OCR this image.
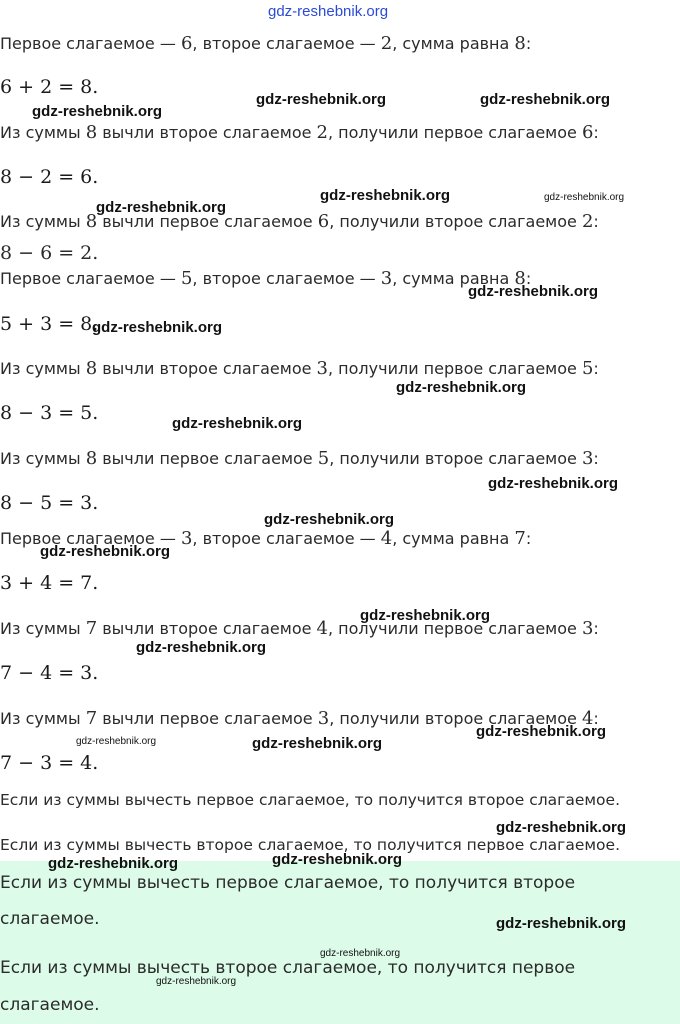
Первое слагаемое — 6, второе слагаемое — 2, сумма равна 8:
6 + 2 = 8.
Из суммы 8 вычли второе слагаемое 2, получили первое слагаемое 6:
8 − 2 = 6.
Из суммы 8 вычли первое слагаемое 6, получили второе слагаемое 2:
8 − 6 = 2.
Первое слагаемое — 5, второе слагаемое — 3, сумма равна 8:
5 + 3 = 8.
Из суммы 8 вычли второе слагаемое 3, получили первое слагаемое 5:
8 − 3 = 5.
Из суммы 8 вычли первое слагаемое 5, получили второе слагаемое 3:
8 − 5 = 3.
Первое слагаемое — 3, второе слагаемое — 4, сумма равна 7:
3 + 4 = 7.
Из суммы 7 вычли второе слагаемое 4, получили первое слагаемое 3:
7 − 4 = 3.
Из суммы 7 вычли первое слагаемое 3, получили второе слагаемое 4:
7 − 3 = 4.
Если из суммы вычесть первое слагаемое, то получится второе слагаемое.
Если из суммы вычесть второе слагаемое, то получится первое слагаемое.
Если из суммы вычесть первое слагаемое, то получится второе
слагаемое.
Если из суммы вычесть второе слагаемое, то получится первое
слагаемое.
gdz-reshebnik.org
gdz-reshebnik.org
gdz-reshebnik.org	gdz-reshebnik.org
gdz-reshebnik.org	gdz-reshebnik.org
gdz-reshebnik.org
gdz-reshebnik.org
gdz-reshebnik.org
gdz-reshebnik.org
gdz-reshebnik.org
gdz-reshebnik.org
gdz-reshebnik.org
gdz-reshebnik.org
gdz-reshebnik.org
gdz-reshebnik.org
gdz-reshebnik.org
gdz-reshebnik.org	gdz-reshebnik.org
gdz-reshebnik.org
gdz-reshebnik.org
gdz-reshebnik.org
gdz-reshebnik.org
gdz-reshebnik.org
gdz-reshebnik.org
